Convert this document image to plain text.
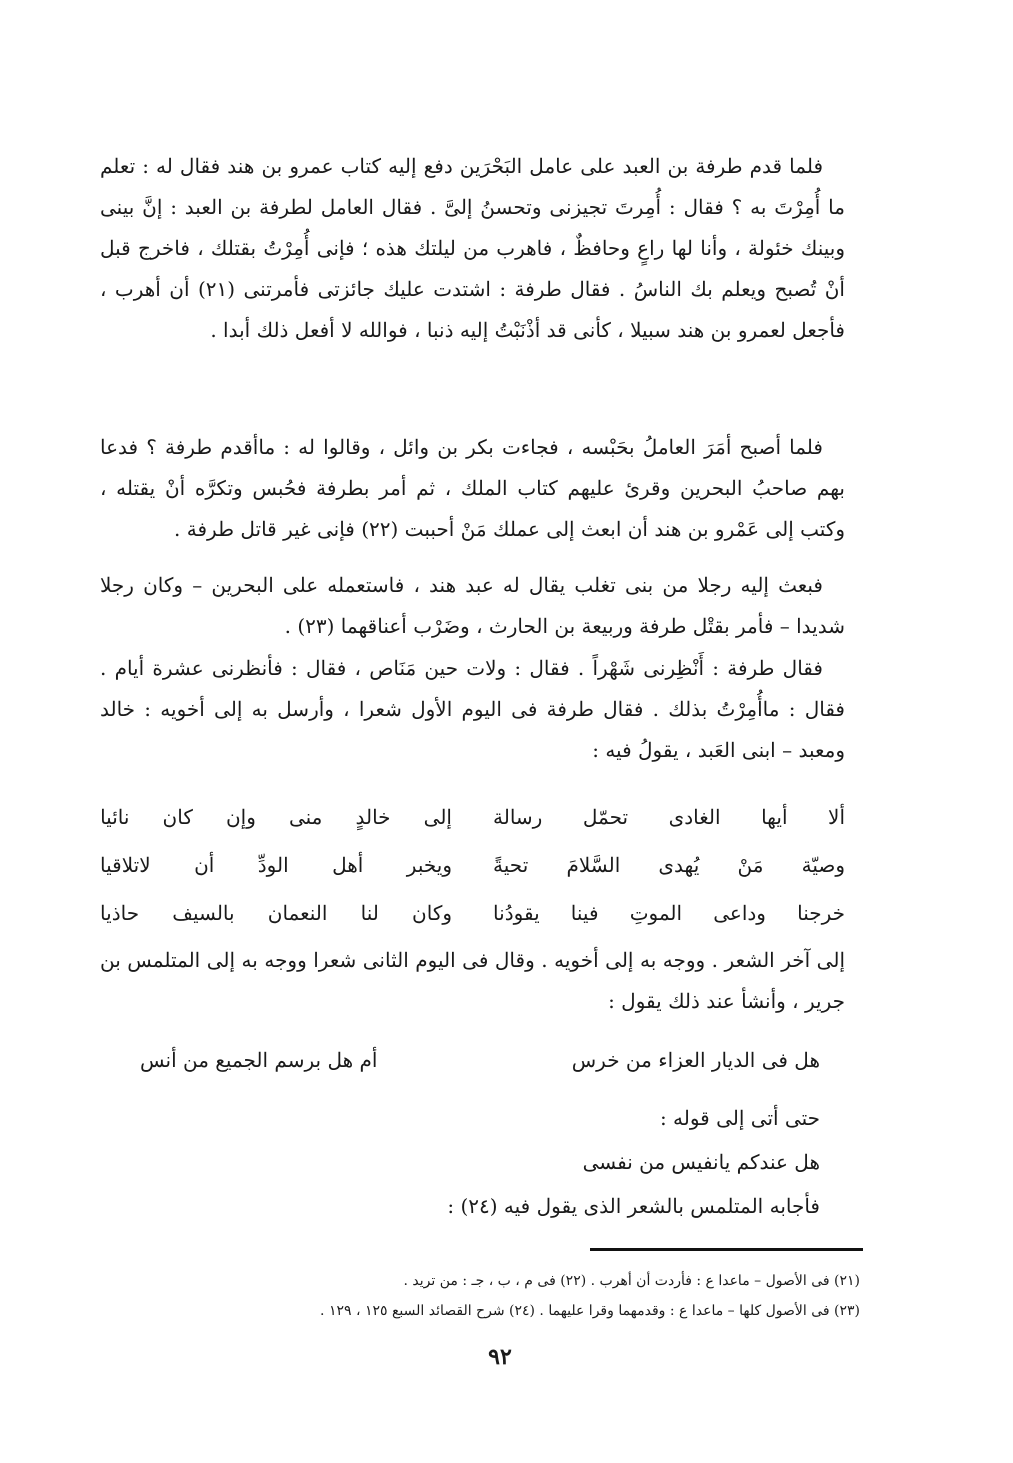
فلما قدم طرفة بن العبد على عامل البَحْرَين دفع إليه كتاب عمرو بن هند فقال له : تعلم ما أُمِرْتَ به ؟ فقال : أُمِرتَ تجيزنى وتحسنُ إلىَّ . فقال العامل لطرفة بن العبد : إنَّ بينى وبينك خئولة ، وأنا لها راعٍ وحافظٌ ، فاهرب من ليلتك هذه ؛ فإنى أُمِرْتُ بقتلك ، فاخرج قبل أنْ تُصبح ويعلم بك الناسُ . فقال طرفة : اشتدت عليك جائزتى فأمرتنى (٢١) أن أهرب ، فأجعل لعمرو بن هند سبيلا ، كأنى قد أذْنَبْتُ إليه ذنبا ، فوالله لا أفعل ذلك أبدا .

فلما أصبح أمَرَ العاملُ بحَبْسه ، فجاءت بكر بن وائل ، وقالوا له : ماأقدم طرفة ؟ فدعا بهم صاحبُ البحرين وقرئ عليهم كتاب الملك ، ثم أمر بطرفة فحُبس وتكرَّه أنْ يقتله ، وكتب إلى عَمْرو بن هند أن ابعث إلى عملك مَنْ أحببت (٢٢) فإنى غير قاتل طرفة .

فبعث إليه رجلا من بنى تغلب يقال له عبد هند ، فاستعمله على البحرين – وكان رجلا شديدا – فأمر بقتْل طرفة وربيعة بن الحارث ، وضَرْب أعناقهما (٢٣) .

فقال طرفة : أَنْظِرنى شَهْراً . فقال : ولات حين مَنَاص ، فقال : فأنظرنى عشرة أيام . فقال : ماأُمِرْتُ بذلك . فقال طرفة فى اليوم الأول شعرا ، وأرسل به إلى أخويه : خالد ومعبد – ابنى العَبد ، يقولُ فيه :

ألا
أيها
الغادى
تحمّل
رسالة
إلى
خالدٍ
منى
وإن
كان
نائيا
وصيّة
مَنْ
يُهدى
السَّلامَ
تحيةً
ويخبر
أهل
الودِّ
أن
لاتلاقيا
خرجنا
وداعى
الموتِ
فينا
يقودُنا
وكان
لنا
النعمان
بالسيف
حاذيا

إلى آخر الشعر . ووجه به إلى أخويه . وقال فى اليوم الثانى شعرا ووجه به إلى المتلمس بن جرير ، وأنشأ عند ذلك يقول :

هل فى الديار العزاء من خرس
أم هل برسم الجميع من أنس
حتى أتى إلى قوله :
هل عندكم يانفيس من نفسى
فأجابه المتلمس بالشعر الذى يقول فيه (٢٤) :
(٢١) فى الأصول – ماعدا ع : فأردت أن أهرب . (٢٢) فى م ، ب ، جـ : من تريد .
(٢٣) فى الأصول كلها – ماعدا ع : وقدمهما وقرا عليهما . (٢٤) شرح القصائد السبع ١٢٥ ، ١٢٩ .
٩٢
